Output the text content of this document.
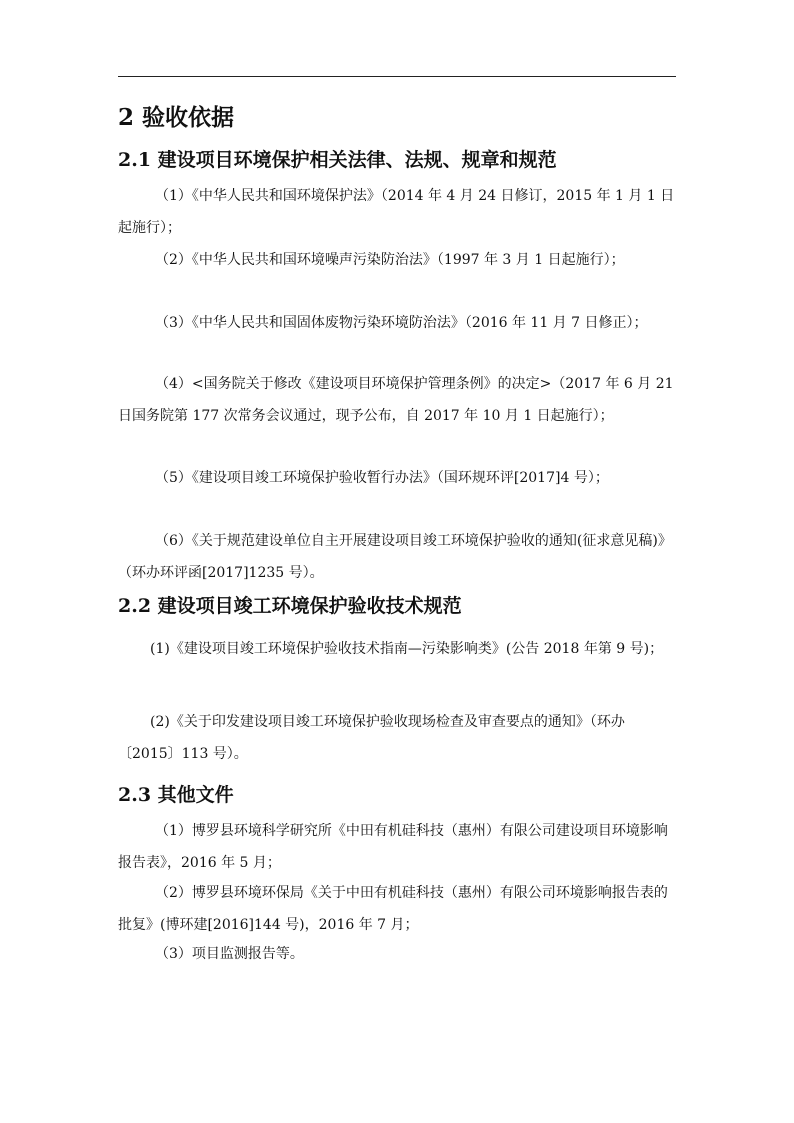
2 验收依据
2.1 建设项目环境保护相关法律、法规、规章和规范

（1）《中华人民共和国环境保护法》（2014 年 4 月 24 日修订，2015 年 1 月 1 日起施行）；

（2）《中华人民共和国环境噪声污染防治法》（1997 年 3 月 1 日起施行）；

（3）《中华人民共和国固体废物污染环境防治法》（2016 年 11 月 7 日修正）；

（4）<国务院关于修改《建设项目环境保护管理条例》的决定>（2017 年 6 月 21 日国务院第 177 次常务会议通过，现予公布，自 2017 年 10 月 1 日起施行）；

（5）《建设项目竣工环境保护验收暂行办法》（国环规环评[2017]4 号）；

（6）《关于规范建设单位自主开展建设项目竣工环境保护验收的通知(征求意见稿)》（环办环评函[2017]1235 号）。

2.2 建设项目竣工环境保护验收技术规范

(1)《建设项目竣工环境保护验收技术指南—污染影响类》(公告 2018 年第 9 号)；

(2)《关于印发建设项目竣工环境保护验收现场检查及审查要点的通知》（环办〔2015〕113 号）。

2.3 其他文件

（1）博罗县环境科学研究所《中田有机硅科技（惠州）有限公司建设项目环境影响报告表》，2016 年 5 月；

（2）博罗县环境环保局《关于中田有机硅科技（惠州）有限公司环境影响报告表的批复》(博环建[2016]144 号)，2016 年 7 月；

（3）项目监测报告等。
